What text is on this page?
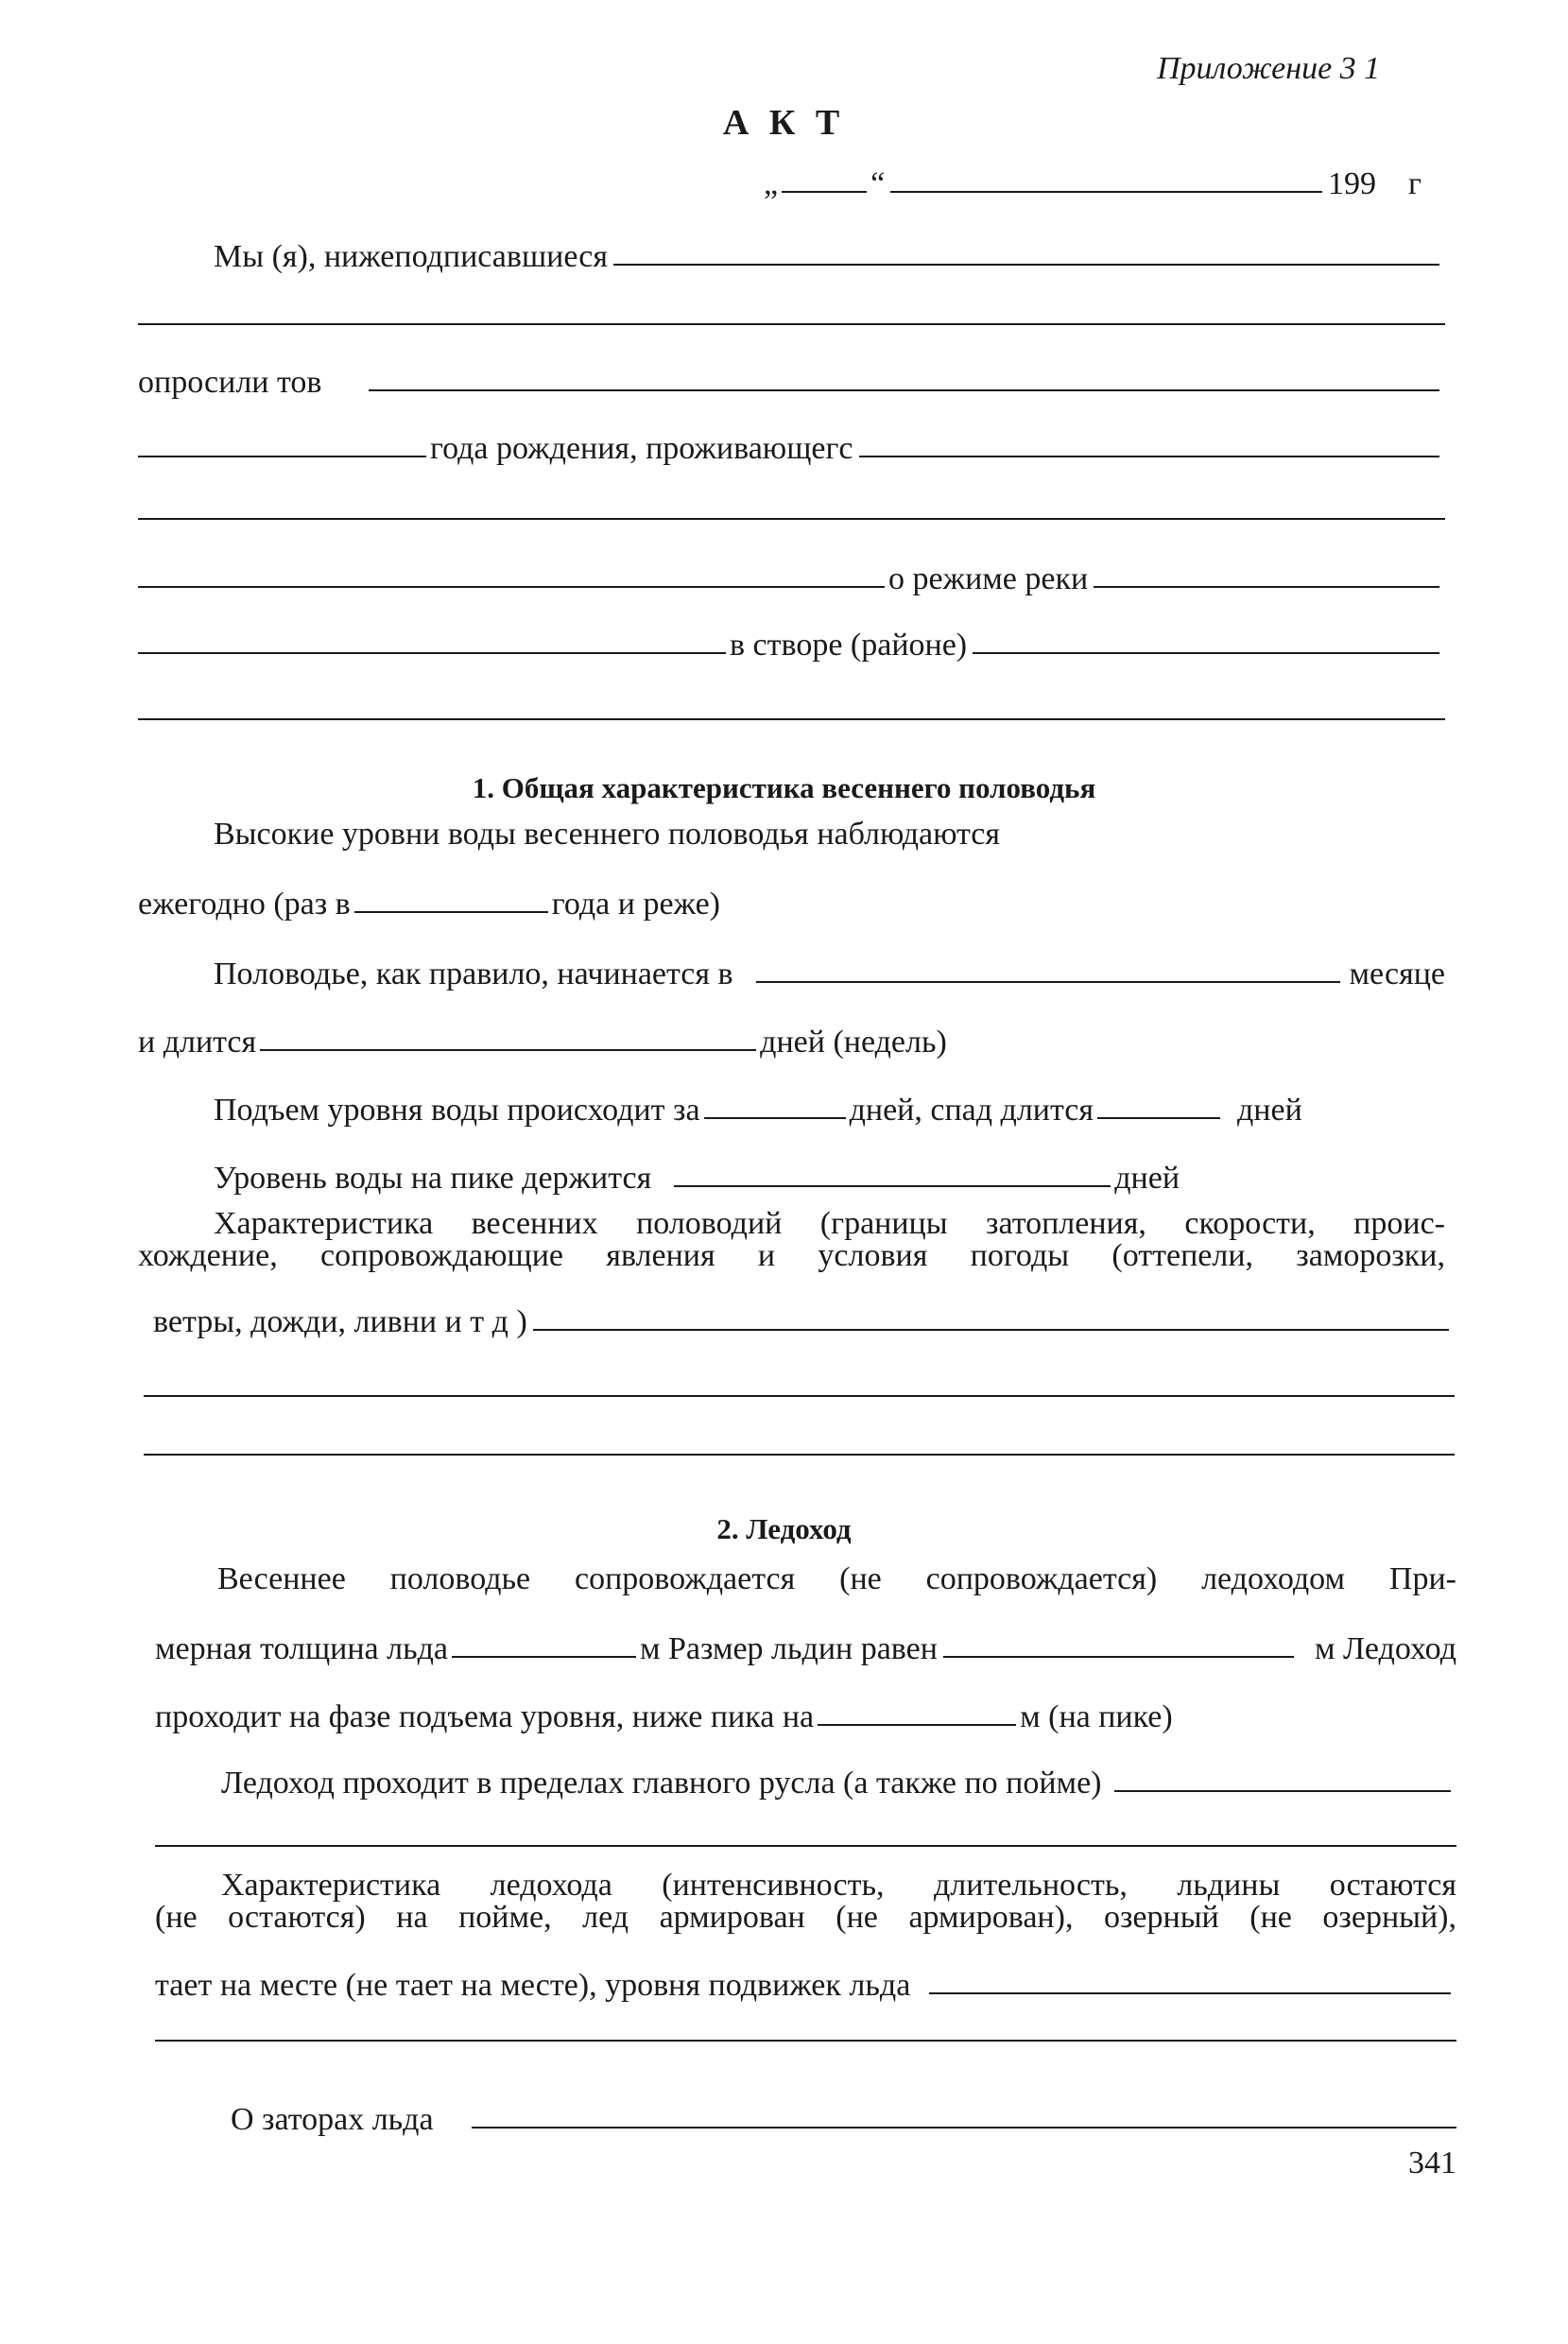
Приложение 3 1
А К Т
„	“	199 г
Мы (я), нижеподписавшиеся
опросили тов
года рождения, проживающегс
о режиме реки
в створе (районе)
1. Общая характеристика весеннего половодья
Высокие уровни воды весеннего половодья наблюдаются
ежегодно (раз в	года и реже)
Половодье, как правило, начинается в	месяце
и длится	дней (недель)
Подъем уровня воды происходит за	дней, спад длится	дней
Уровень воды на пике держится	дней
Характеристика весенних половодий (границы затопления, скорости, проис-
хождение, сопровождающие явления и условия погоды (оттепели, заморозки,
ветры, дожди, ливни и т д )
2. Ледоход
Весеннее половодье сопровождается (не сопровождается) ледоходом При-
мерная толщина льда	м Размер льдин равен	м Ледоход
проходит на фазе подъема уровня, ниже пика на	м (на пике)
Ледоход проходит в пределах главного русла (а также по пойме)
Характеристика ледохода (интенсивность, длительность, льдины остаются
(не остаются) на пойме, лед армирован (не армирован), озерный (не озерный),
тает на месте (не тает на месте), уровня подвижек льда
О заторах льда
341
